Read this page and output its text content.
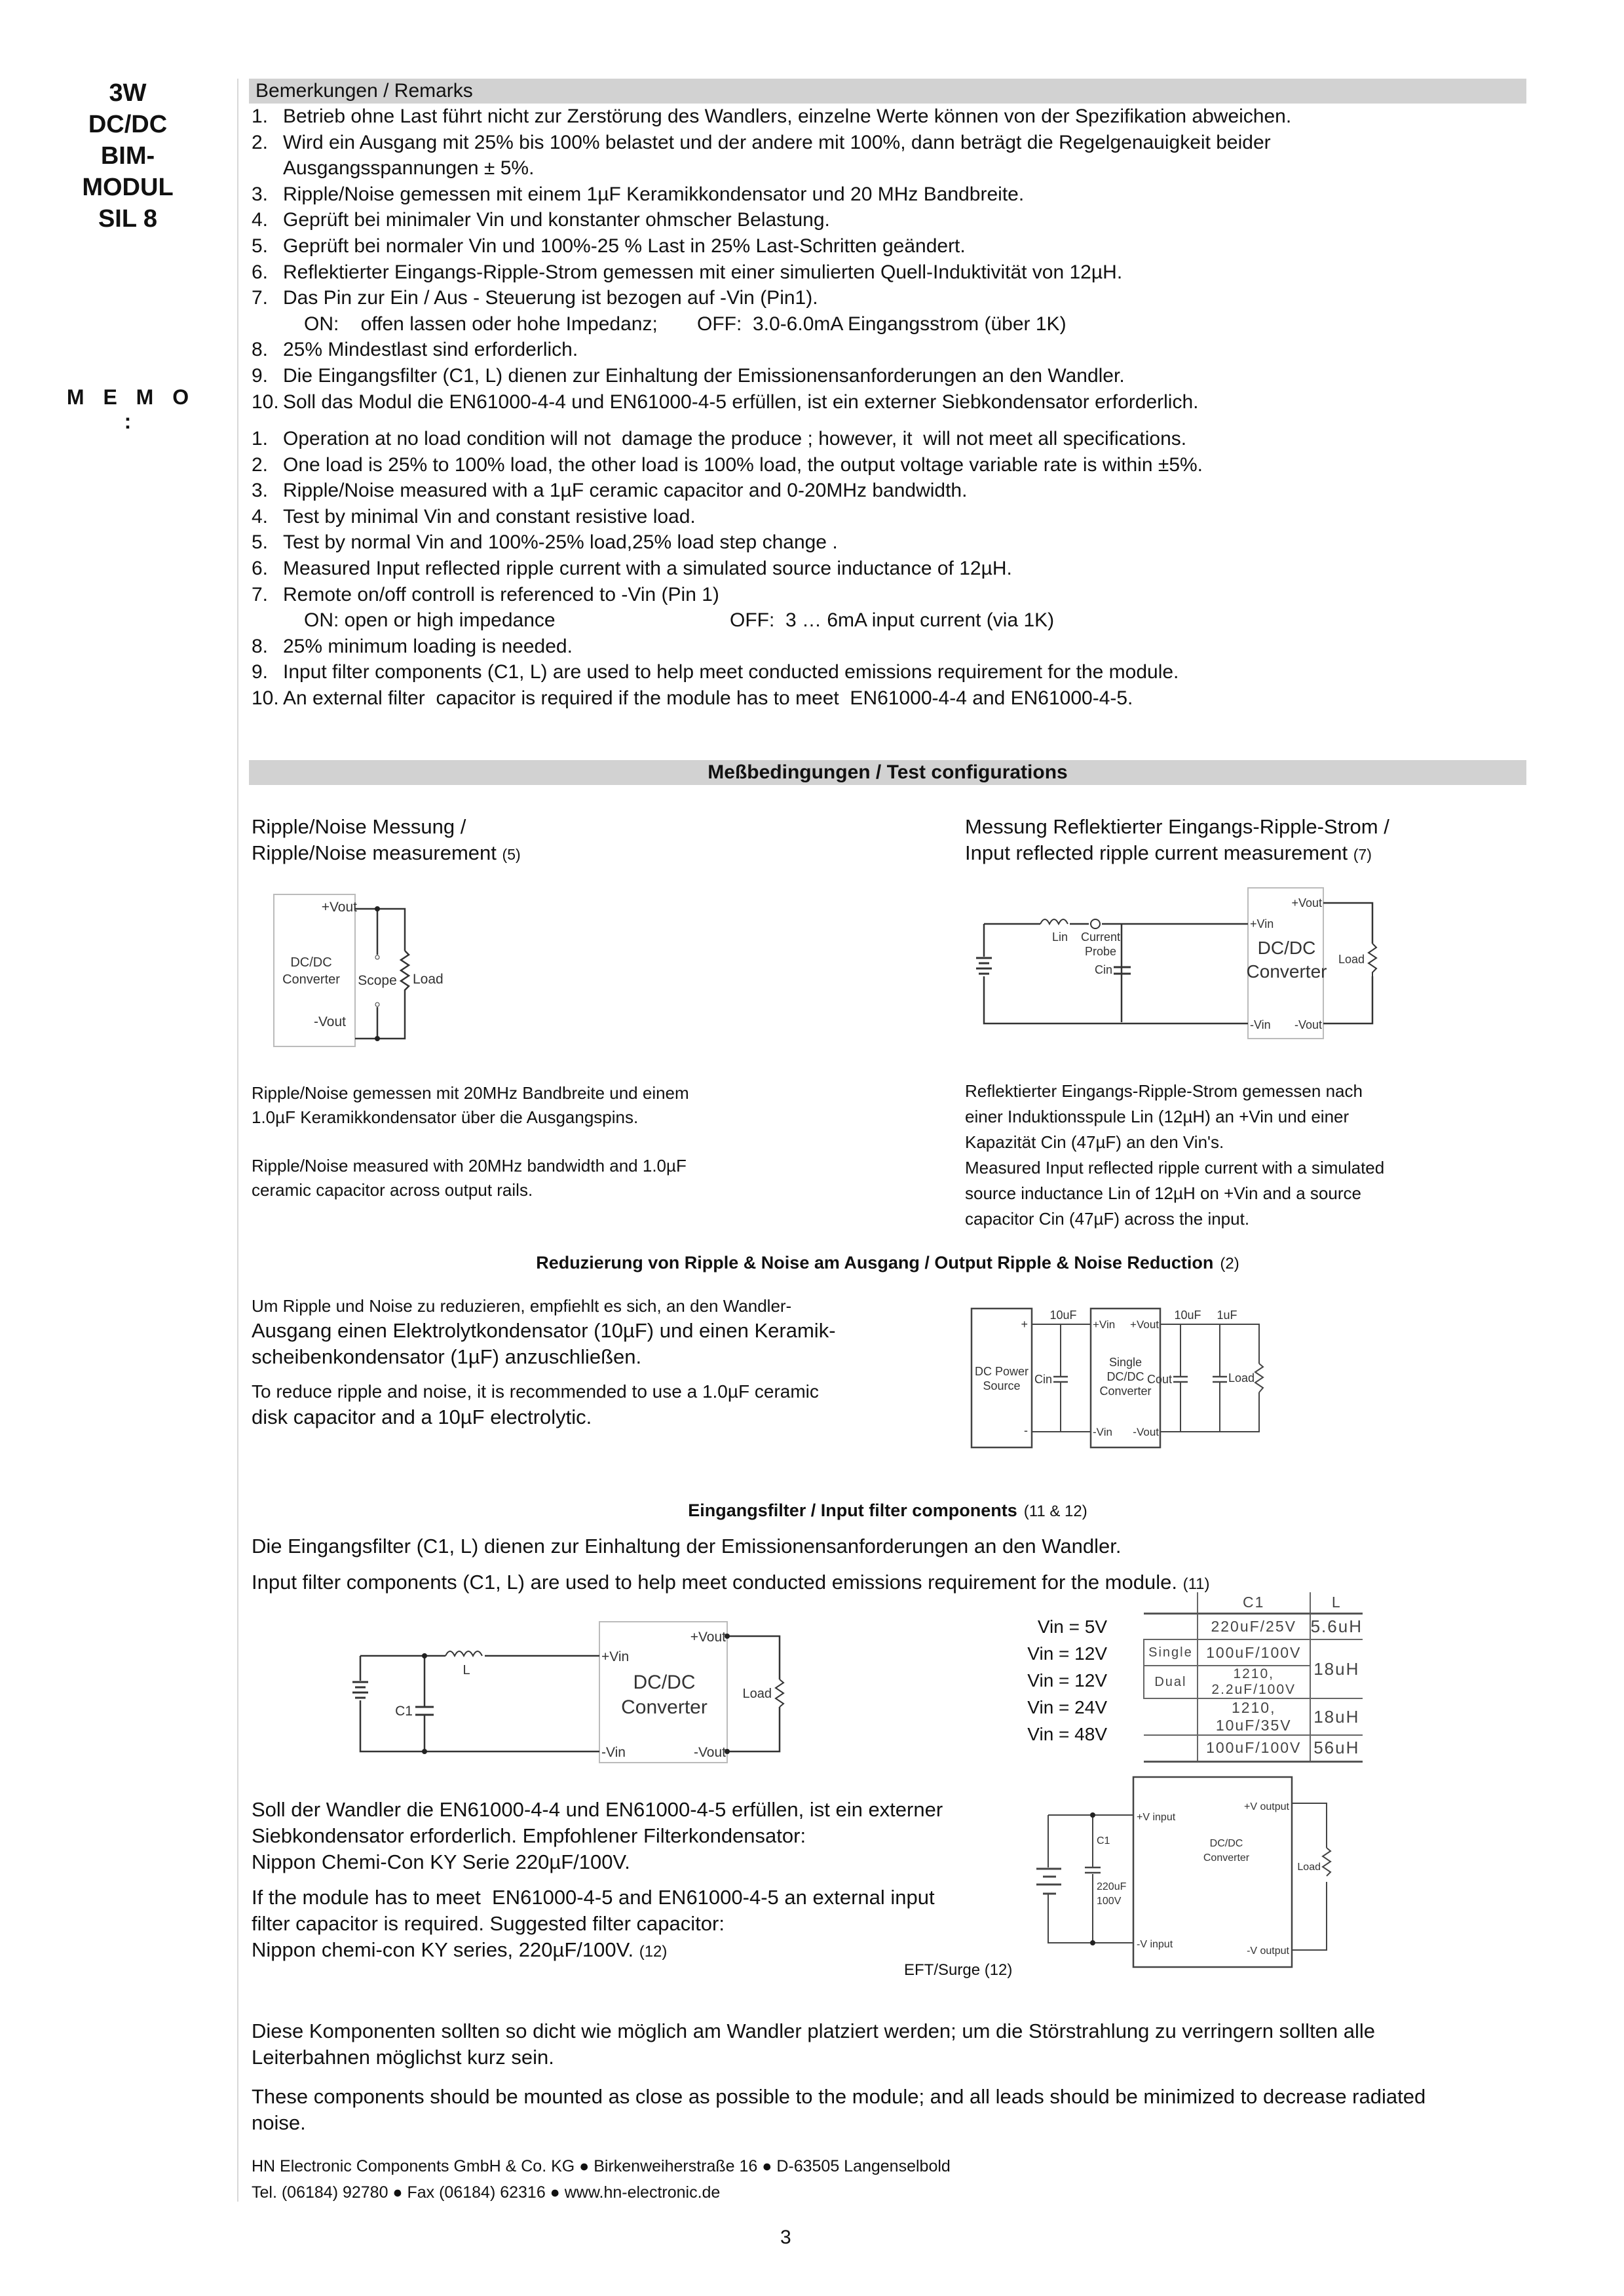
3W
DC/DC
BIM-MODUL
SIL 8
M E M O :
Bemerkungen / Remarks
1. Betrieb ohne Last führt nicht zur Zerstörung des Wandlers, einzelne Werte können von der Spezifikation abweichen.
2. Wird ein Ausgang mit 25% bis 100% belastet und der andere mit 100%, dann beträgt die Regelgenauigkeit beider
Ausgangsspannungen ± 5%.
3. Ripple/Noise gemessen mit einem 1µF Keramikkondensator und 20 MHz Bandbreite.
4. Geprüft bei minimaler Vin und konstanter ohmscher Belastung.
5. Geprüft bei normaler Vin und 100%-25 % Last in 25% Last-Schritten geändert.
6. Reflektierter Eingangs-Ripple-Strom gemessen mit einer simulierten Quell-Induktivität von 12µH.
7. Das Pin zur Ein / Aus - Steuerung ist bezogen auf -Vin (Pin1).
ON:    offen lassen oder hohe Impedanz; OFF:  3.0-6.0mA Eingangsstrom (über 1K)
8. 25% Mindestlast sind erforderlich.
9. Die Eingangsfilter (C1, L) dienen zur Einhaltung der Emissionensanforderungen an den Wandler.
10. Soll das Modul die EN61000-4-4 und EN61000-4-5 erfüllen, ist ein externer Siebkondensator erforderlich.
1. Operation at no load condition will not  damage the produce ; however, it  will not meet all specifications.
2. One load is 25% to 100% load, the other load is 100% load, the output voltage variable rate is within ±5%.
3. Ripple/Noise measured with a 1µF ceramic capacitor and 0-20MHz bandwidth.
4. Test by minimal Vin and constant resistive load.
5. Test by normal Vin and 100%-25% load,25% load step change .
6. Measured Input reflected ripple current with a simulated source inductance of 12µH.
7. Remote on/off controll is referenced to -Vin (Pin 1)
ON: open or high impedance	OFF:  3 … 6mA input current (via 1K)
8. 25% minimum loading is needed.
9. Input filter components (C1, L) are used to help meet conducted emissions requirement for the module.
10. An external filter  capacitor is required if the module has to meet  EN61000-4-4 and EN61000-4-5.
Meßbedingungen / Test configurations
Ripple/Noise Messung /
Ripple/Noise measurement (5)
+Vout
-Vout
DC/DC
Converter Scope Load
Ripple/Noise gemessen mit 20MHz Bandbreite und einem
1.0µF Keramikkondensator über die Ausgangspins.
Ripple/Noise measured with 20MHz bandwidth and 1.0µF
ceramic capacitor across output rails.
Messung Reflektierter Eingangs-Ripple-Strom /
Input reflected ripple current measurement (7)
Lin Current
Probe
Cin
+Vin
-Vin
+Vout
-Vout
DC/DC
Converter
Load
Reflektierter Eingangs-Ripple-Strom gemessen nach
einer Induktionsspule Lin (12µH) an +Vin und einer
Kapazität Cin (47µF) an den Vin's.
Measured Input reflected ripple current with a simulated
source inductance Lin of 12µH on +Vin and a source
capacitor Cin (47µF) across the input.
Reduzierung von Ripple & Noise am Ausgang / Output Ripple & Noise Reduction (2)
Um Ripple und Noise zu reduzieren, empfiehlt es sich, an den Wandler-
Ausgang einen Elektrolytkondensator (10µF) und einen Keramik-
scheibenkondensator (1µF) anzuschließen.
To reduce ripple and noise, it is recommended to use a 1.0µF ceramic
disk capacitor and a 10µF electrolytic.
+
-
DC Power
Source
10uF
Cin
+Vin
-Vin
+Vout
-Vout
Single
DC/DC
Converter
10uF
Cout
1uF
Load
Eingangsfilter / Input filter components (11 & 12)
Die Eingangsfilter (C1, L) dienen zur Einhaltung der Emissionensanforderungen an den Wandler.
Input filter components (C1, L) are used to help meet conducted emissions requirement for the module. (11)
L
C1
+Vin
-Vin
+Vout
-Vout
DC/DC
Converter
Load
Vin = 5V
Vin = 12V
Vin = 12V
Vin = 24V
Vin = 48V
	C1	L
	220uF/25V	5.6uH
Single	100uF/100V	18uH
Dual	1210, 2.2uF/100V	
	1210, 10uF/35V	18uH
	100uF/100V	56uH
Soll der Wandler die EN61000-4-4 und EN61000-4-5 erfüllen, ist ein externer
Siebkondensator erforderlich. Empfohlener Filterkondensator:
Nippon Chemi-Con KY Serie 220µF/100V.
If the module has to meet  EN61000-4-5 and EN61000-4-5 an external input
filter capacitor is required. Suggested filter capacitor:
Nippon chemi-con KY series, 220µF/100V. (12)
EFT/Surge (12)
+V input
-V input
+V output
-V output
C1
220uF
100V
DC/DC
Converter
Load
Diese Komponenten sollten so dicht wie möglich am Wandler platziert werden; um die Störstrahlung zu verringern sollten alle
Leiterbahnen möglichst kurz sein.
These components should be mounted as close as possible to the module; and all leads should be minimized to decrease radiated
noise.
HN Electronic Components GmbH & Co. KG ● Birkenweiherstraße 16 ● D-63505 Langenselbold
Tel. (06184) 92780 ● Fax (06184) 62316 ● www.hn-electronic.de
3
